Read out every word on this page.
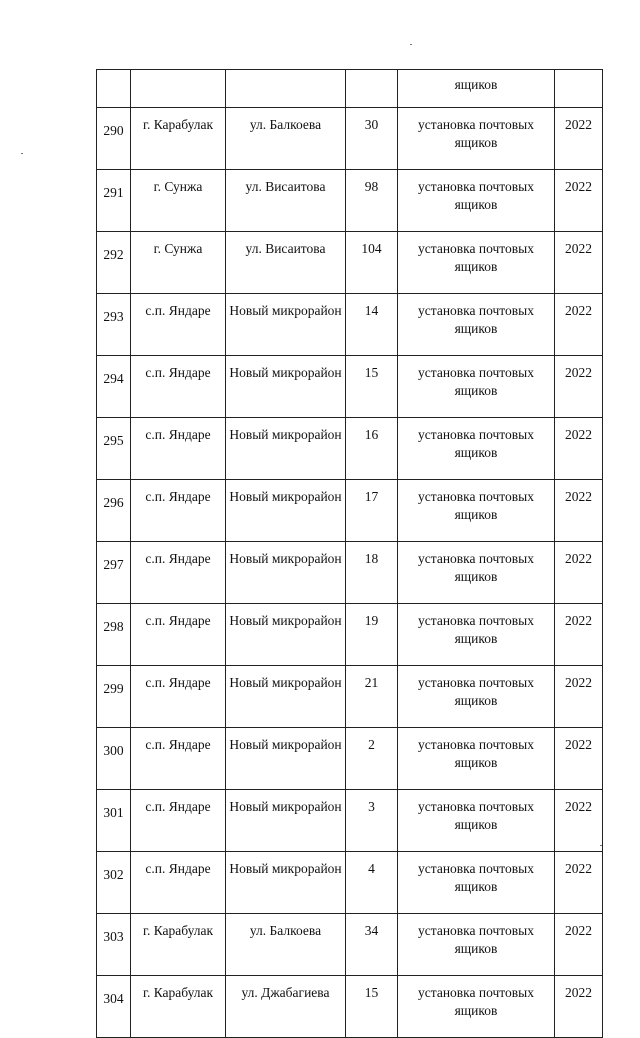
				ящиков	
290	г. Карабулак	ул. Балкоева	30	установка почтовых
ящиков	2022
291	г. Сунжа	ул. Висаитова	98	установка почтовых
ящиков	2022
292	г. Сунжа	ул. Висаитова	104	установка почтовых
ящиков	2022
293	с.п. Яндаре	Новый микрорайон	14	установка почтовых
ящиков	2022
294	с.п. Яндаре	Новый микрорайон	15	установка почтовых
ящиков	2022
295	с.п. Яндаре	Новый микрорайон	16	установка почтовых
ящиков	2022
296	с.п. Яндаре	Новый микрорайон	17	установка почтовых
ящиков	2022
297	с.п. Яндаре	Новый микрорайон	18	установка почтовых
ящиков	2022
298	с.п. Яндаре	Новый микрорайон	19	установка почтовых
ящиков	2022
299	с.п. Яндаре	Новый микрорайон	21	установка почтовых
ящиков	2022
300	с.п. Яндаре	Новый микрорайон	2	установка почтовых
ящиков	2022
301	с.п. Яндаре	Новый микрорайон	3	установка почтовых
ящиков	2022
302	с.п. Яндаре	Новый микрорайон	4	установка почтовых
ящиков	2022
303	г. Карабулак	ул. Балкоева	34	установка почтовых
ящиков	2022
304	г. Карабулак	ул. Джабагиева	15	установка почтовых
ящиков	2022
